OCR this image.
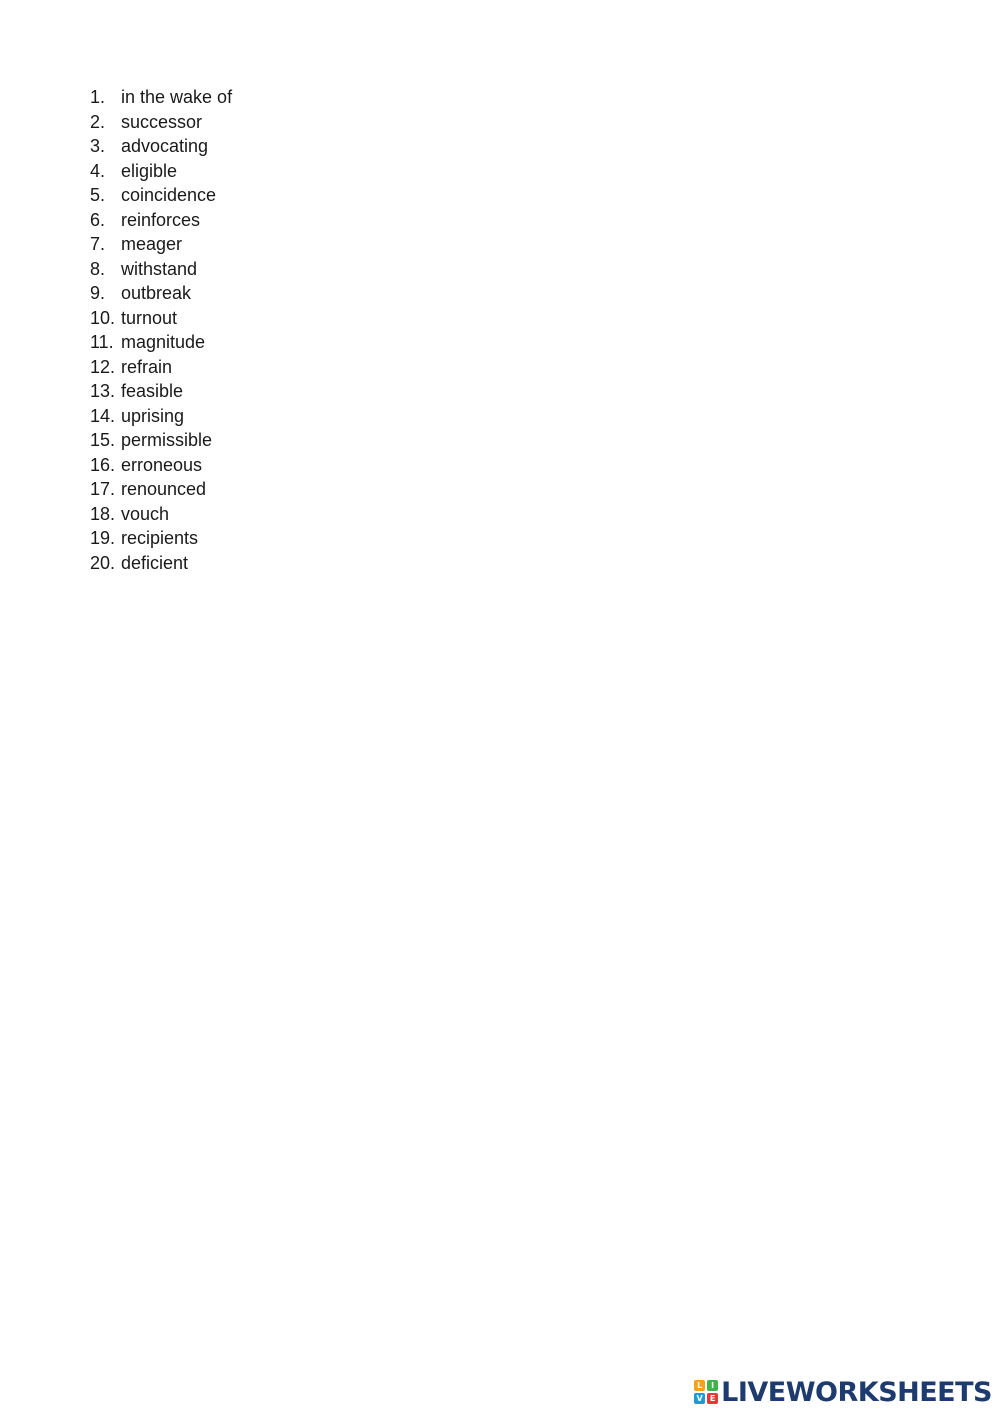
1. in the wake of
2. successor
3. advocating
4. eligible
5. coincidence
6. reinforces
7. meager
8. withstand
9. outbreak
10. turnout
11. magnitude
12. refrain
13. feasible
14. uprising
15. permissible
16. erroneous
17. renounced
18. vouch
19. recipients
20. deficient
L	I
V E LIVEWORKSHEETS
